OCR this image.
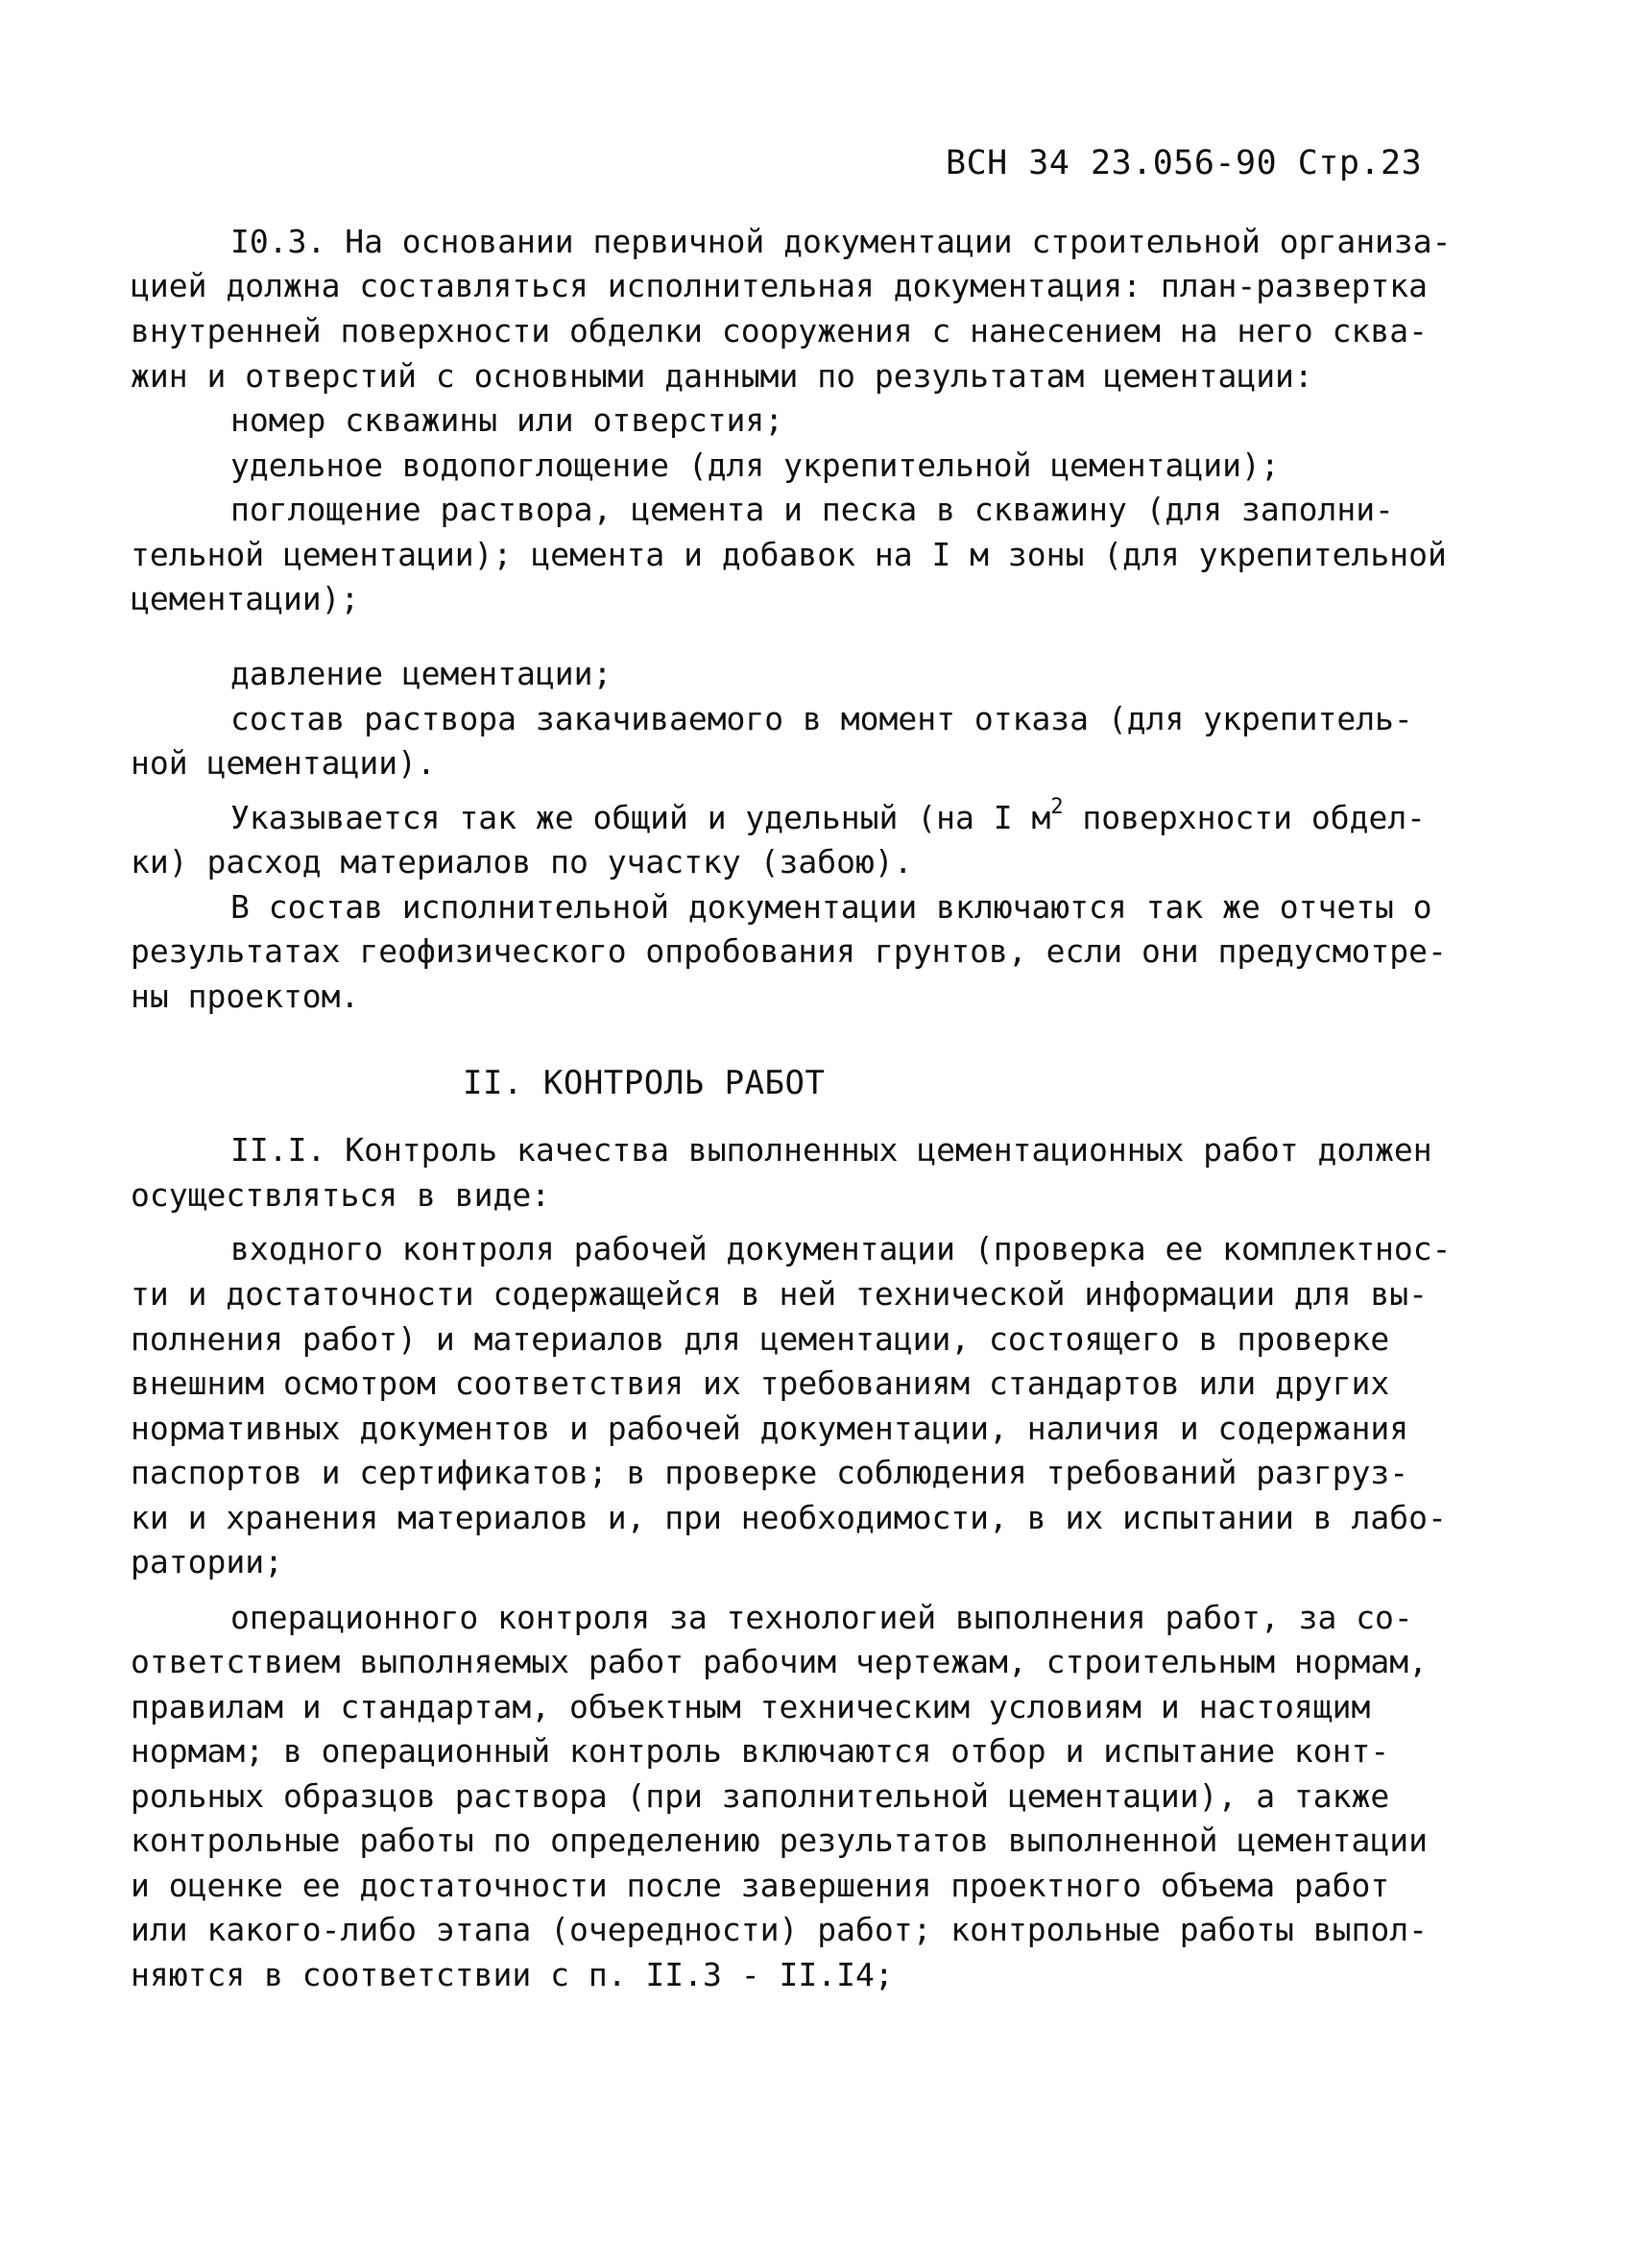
ВСН 34 23.056-90 Стр.23
I0.3. На основании первичной документации строительной организа-
цией должна составляться исполнительная документация: план-развертка
внутренней поверхности обделки сооружения с нанесением на него сква-
жин и отверстий с основными данными по результатам цементации:
номер скважины или отверстия;
удельное водопоглощение (для укрепительной цементации);
поглощение раствора, цемента и песка в скважину (для заполни-
тельной цементации); цемента и добавок на I м зоны (для укрепительной
цементации);
давление цементации;
состав раствора закачиваемого в момент отказа (для укрепитель-
ной цементации).
Указывается так же общий и удельный (на I $м^2$ поверхности обдел-
ки) расход материалов по участку (забою).
В состав исполнительной документации включаются так же отчеты о
результатах геофизического опробования грунтов, если они предусмотре-
ны проектом.
II. КОНТРОЛЬ РАБОТ
II.I. Контроль качества выполненных цементационных работ должен
осуществляться в виде:
входного контроля рабочей документации (проверка ее комплектнос-
ти и достаточности содержащейся в ней технической информации для вы-
полнения работ) и материалов для цементации, состоящего в проверке
внешним осмотром соответствия их требованиям стандартов или других
нормативных документов и рабочей документации, наличия и содержания
паспортов и сертификатов; в проверке соблюдения требований разгруз-
ки и хранения материалов и, при необходимости, в их испытании в лабо-
ратории;
операционного контроля за технологией выполнения работ, за со-
ответствием выполняемых работ рабочим чертежам, строительным нормам,
правилам и стандартам, объектным техническим условиям и настоящим
нормам; в операционный контроль включаются отбор и испытание конт-
рольных образцов раствора (при заполнительной цементации), а также
контрольные работы по определению результатов выполненной цементации
и оценке ее достаточности после завершения проектного объема работ
или какого-либо этапа (очередности) работ; контрольные работы выпол-
няются в соответствии с п. II.3 - II.I4;
